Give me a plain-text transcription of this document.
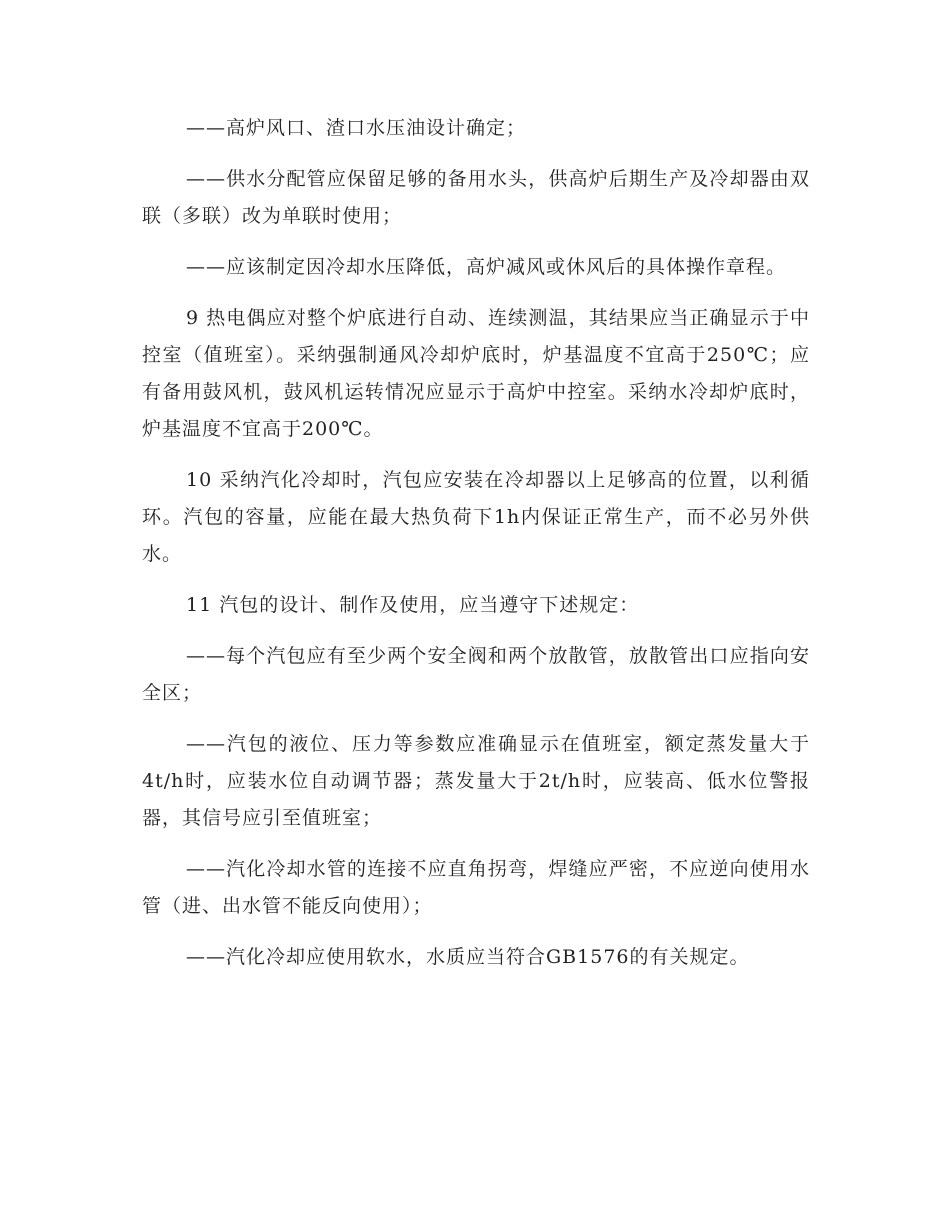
——高炉风口、渣口水压油设计确定；

——供水分配管应保留足够的备用水头，供高炉后期生产及冷却器由双联（多联）改为单联时使用；

——应该制定因冷却水压降低，高炉减风或休风后的具体操作章程。

9 热电偶应对整个炉底进行自动、连续测温，其结果应当正确显示于中控室（值班室）。采纳强制通风冷却炉底时，炉基温度不宜高于250℃；应有备用鼓风机，鼓风机运转情况应显示于高炉中控室。采纳水冷却炉底时，炉基温度不宜高于200℃。

10 采纳汽化冷却时，汽包应安装在冷却器以上足够高的位置，以利循环。汽包的容量，应能在最大热负荷下1h内保证正常生产，而不必另外供水。

11 汽包的设计、制作及使用，应当遵守下述规定：

——每个汽包应有至少两个安全阀和两个放散管，放散管出口应指向安全区；

——汽包的液位、压力等参数应准确显示在值班室，额定蒸发量大于4t/h时，应装水位自动调节器；蒸发量大于2t/h时，应装高、低水位警报器，其信号应引至值班室；

——汽化冷却水管的连接不应直角拐弯，焊缝应严密，不应逆向使用水管（进、出水管不能反向使用）；

——汽化冷却应使用软水，水质应当符合GB1576的有关规定。
